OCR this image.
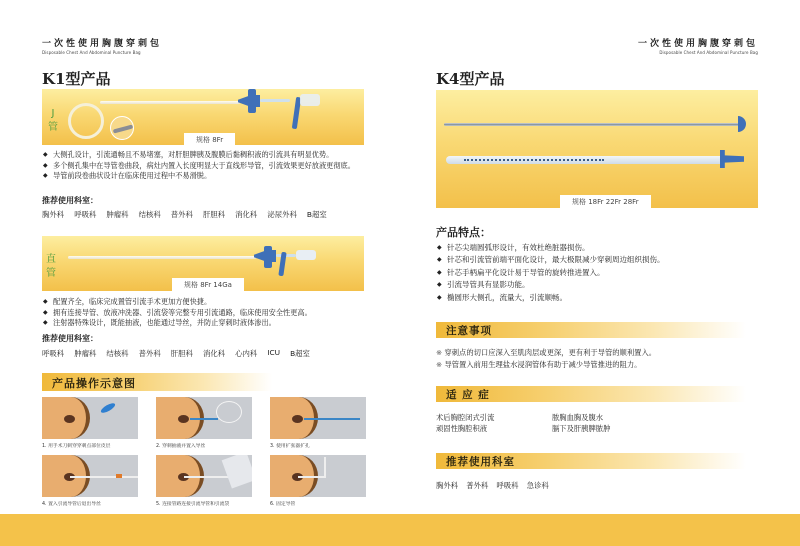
一次性使用胸腹穿刺包
Disposable Chest And Abdominal Puncture Bag
一次性使用胸腹穿刺包
Disposable Chest And Abdominal Puncture Bag
K1型产品
J
管
规格 8Fr
◆ 大侧孔设计，引流通畅且不易堵塞，对肝胆脾胰及腹膜后黏稠积液的引流具有明显优势。
◆ 多个侧孔集中在导管卷曲段，病灶内置入长度明显大于直线形导管，引流效果更好放液更彻底。
◆ 导管前段卷曲状设计在临床使用过程中不易滑脱。
推荐使用科室：
胸外科 呼吸科 肿瘤科 结核科 普外科 肝胆科 消化科 泌尿外科 B超室
直
管
规格 8Fr 14Ga
◆ 配置齐全，临床完成置管引流手术更加方便快捷。
◆ 拥有连接导管、放液冲洗器、引流袋等完整专用引流通路，临床使用安全性更高。
◆ 注射器特殊设计，既能抽液，也能通过导丝，并防止穿刺时液体渗出。
推荐使用科室：
呼吸科 肿瘤科 结核科 普外科 肝胆科 消化科 心内科 ICU B超室
产品操作示意图
1. 用手术刀刺穿穿刺点部位皮层	2. 穿刺抽液并置入导丝	3. 使用扩张器扩孔
4. 置入引流导管后退出导丝	5. 连接管路连接引流导管和引流袋	6. 固定导管
K4型产品
规格 18Fr 22Fr 28Fr
产品特点：
◆ 针芯尖端圆弧形设计，有效杜绝脏器损伤。
◆ 针芯和引流管前端平面化设计，最大极限减少穿刺周边组织损伤。
◆ 针芯手柄扁平化设计易于导管的旋转推进置入。
◆ 引流导管具有显影功能。
◆ 椭圆形大侧孔，流量大，引流顺畅。
注意事项
※ 穿刺点的切口应深入至肌肉层或更深，更有利于导管的顺利置入。
※ 导管置入前用生理盐水浸润管体有助于减少导管推进的阻力。
适 应 症
术后胸腔闭式引流	脓胸血胸及腹水
顽固性胸腔积液	膈下及肝胰脾脓肿
推荐使用科室
胸外科 普外科 呼吸科 急诊科
